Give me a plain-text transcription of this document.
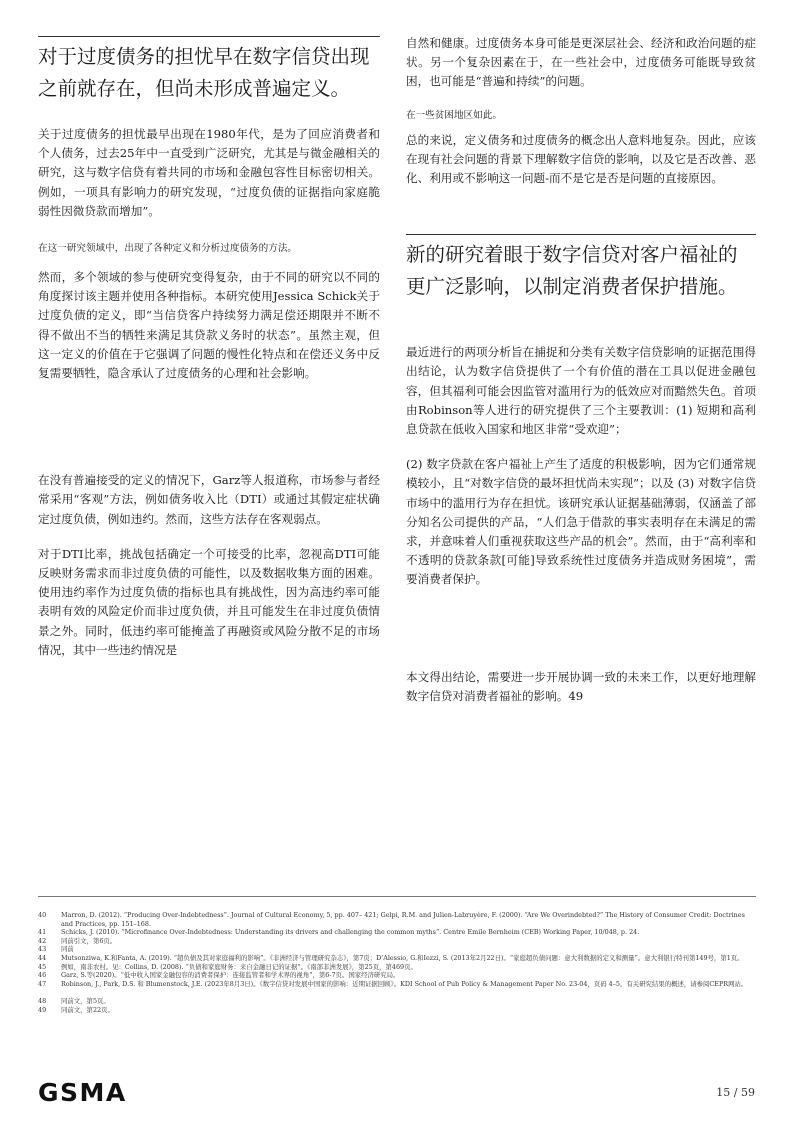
对于过度债务的担忧早在数字信贷出现之前就存在，但尚未形成普遍定义。

关于过度债务的担忧最早出现在1980年代，是为了回应消费者和个人债务，过去25年中一直受到广泛研究，尤其是与微金融相关的研究，这与数字信贷有着共同的市场和金融包容性目标密切相关。例如，一项具有影响力的研究发现，“过度负债的证据指向家庭脆弱性因微贷款而增加”。

在这一研究领域中，出现了各种定义和分析过度债务的方法。

然而，多个领域的参与使研究变得复杂，由于不同的研究以不同的角度探讨该主题并使用各种指标。本研究使用Jessica Schick关于过度负债的定义，即“当信贷客户持续努力满足偿还期限并不断不得不做出不当的牺牲来满足其贷款义务时的状态”。虽然主观，但这一定义的价值在于它强调了问题的慢性化特点和在偿还义务中反复需要牺牲，隐含承认了过度债务的心理和社会影响。

在没有普遍接受的定义的情况下，Garz等人报道称，市场参与者经常采用“客观”方法，例如债务收入比（DTI）或通过其假定症状确定过度负债，例如违约。然而，这些方法存在客观弱点。

对于DTI比率，挑战包括确定一个可接受的比率，忽视高DTI可能反映财务需求而非过度负债的可能性，以及数据收集方面的困难。使用违约率作为过度负债的指标也具有挑战性，因为高违约率可能表明有效的风险定价而非过度负债，并且可能发生在非过度负债情景之外。同时，低违约率可能掩盖了再融资或风险分散不足的市场情况，其中一些违约情况是

自然和健康。过度债务本身可能是更深层社会、经济和政治问题的症状。另一个复杂因素在于，在一些社会中，过度债务可能既导致贫困，也可能是“普遍和持续”的问题。

在一些贫困地区如此。

总的来说，定义债务和过度债务的概念出人意料地复杂。因此，应该在现有社会问题的背景下理解数字信贷的影响，以及它是否改善、恶化、利用或不影响这一问题-而不是它是否是问题的直接原因。

新的研究着眼于数字信贷对客户福祉的更广泛影响，以制定消费者保护措施。

最近进行的两项分析旨在捕捉和分类有关数字信贷影响的证据范围得出结论，认为数字信贷提供了一个有价值的潜在工具以促进金融包容，但其福利可能会因监管对滥用行为的低效应对而黯然失色。首项由Robinson等人进行的研究提供了三个主要教训：(1) 短期和高利息贷款在低收入国家和地区非常“受欢迎”；

(2) 数字贷款在客户福祉上产生了适度的积极影响，因为它们通常规模较小，且“对数字信贷的最坏担忧尚未实现”；以及 (3) 对数字信贷市场中的滥用行为存在担忧。该研究承认证据基础薄弱，仅涵盖了部分知名公司提供的产品，“人们急于借款的事实表明存在未满足的需求，并意味着人们重视获取这些产品的机会”。然而，由于“高利率和不透明的贷款条款[可能]导致系统性过度债务并造成财务困境”，需要消费者保护。

本文得出结论，需要进一步开展协调一致的未来工作，以更好地理解数字信贷对消费者福祉的影响。49

40	Marron, D. (2012). “Producing Over-Indebtedness”. Journal of Cultural Economy, 5, pp. 407– 421; Gelpi, R.M. and Julien-Labruyère, F. (2000). “Are We Overindebted?” The History of Consumer Credit: Doctrines and Practices, pp. 151–168.
41	Schicks, J. (2010). “Microfinance Over-Indebtedness: Understanding its drivers and challenging the common myths”. Centre Emile Bernheim (CEB) Working Paper, 10/048, p. 24.
42	同前引文，第6页。
43	同前
44	Mutsonziwa, K.和Fanta, A. (2019). “超负债及其对家庭福利的影响”。《非洲经济与管理研究杂志》，第7页；D’Alessio, G.和Iezzi, S. (2013年2月22日)。“家庭超负债问题：意大利数据的定义和测量”。意大利银行特刊第149号，第1页。
45	例如，南非农村。见：Collins, D. (2008). “负债和家庭财务：来自金融日记的证据”。《南部非洲发展》，第25页，第469页。
46	Garz, S.等(2020)。“低中收入国家金融包容的消费者保护：连接监管者和学术界的视角”，第6-7页。国家经济研究局。
47	Robinson, J., Park, D.S. 和 Blumenstock, J.E. (2023年8月3日)。《数字信贷对发展中国家的影响：近期证据回顾》。KDI School of Pub Policy & Management Paper No. 23-04，页码 4–5。有关研究结果的概述，请参阅CEPR网站。
48	同前文，第5页。
49	同前文，第22页。
GSMA	15 / 59
